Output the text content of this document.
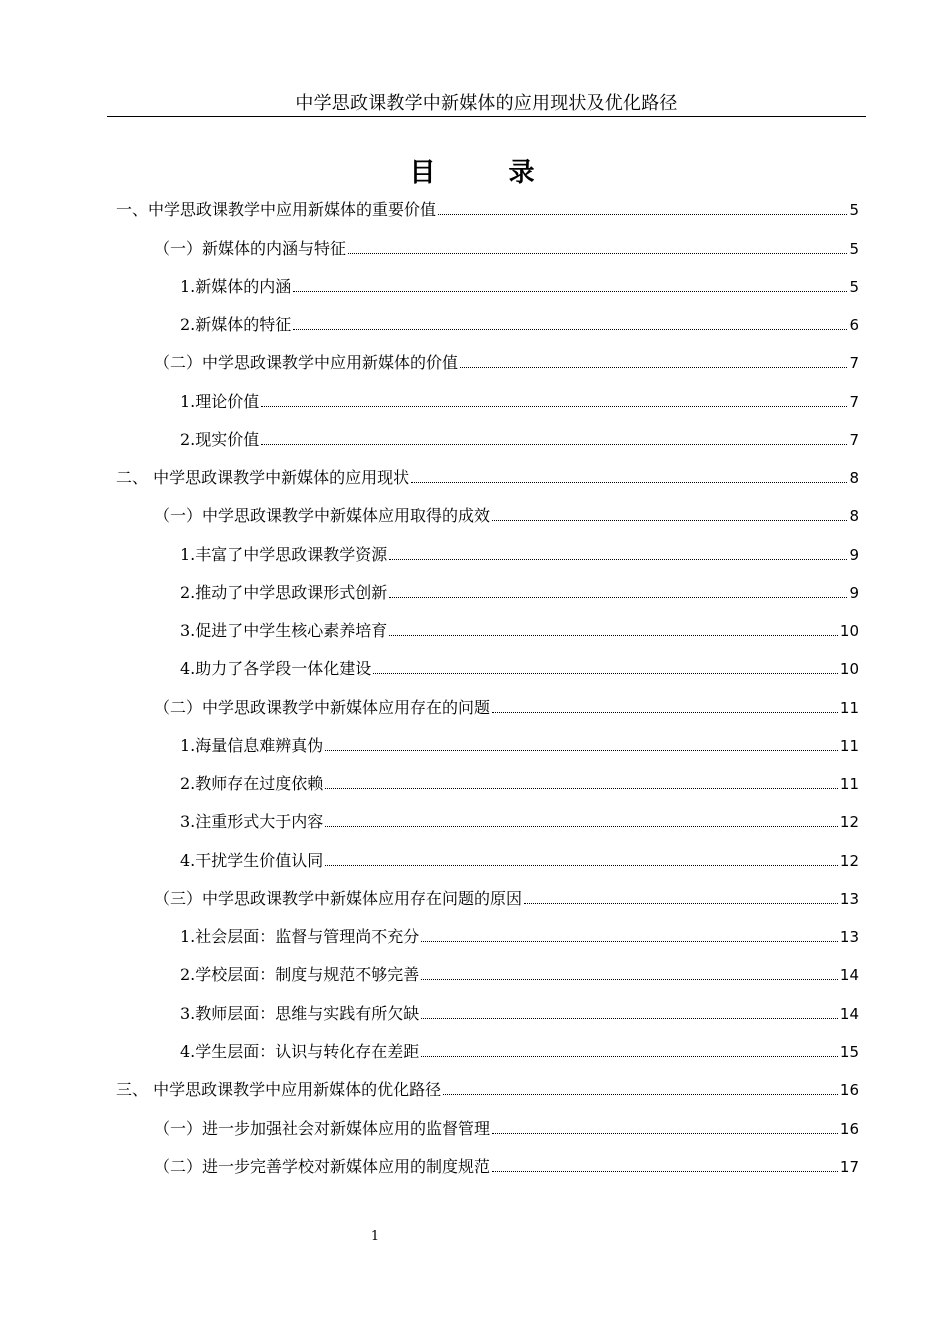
中学思政课教学中新媒体的应用现状及优化路径
目 录
一、中学思政课教学中应用新媒体的重要价值	5
（一）新媒体的内涵与特征	5
1.新媒体的内涵	5
2.新媒体的特征	6
（二）中学思政课教学中应用新媒体的价值	7
1.理论价值	7
2.现实价值	7
二、 中学思政课教学中新媒体的应用现状	8
（一）中学思政课教学中新媒体应用取得的成效	8
1.丰富了中学思政课教学资源	9
2.推动了中学思政课形式创新	9
3.促进了中学生核心素养培育	10
4.助力了各学段一体化建设	10
（二）中学思政课教学中新媒体应用存在的问题	11
1.海量信息难辨真伪	11
2.教师存在过度依赖	11
3.注重形式大于内容	12
4.干扰学生价值认同	12
（三）中学思政课教学中新媒体应用存在问题的原因	13
1.社会层面：监督与管理尚不充分	13
2.学校层面：制度与规范不够完善	14
3.教师层面：思维与实践有所欠缺	14
4.学生层面：认识与转化存在差距	15
三、 中学思政课教学中应用新媒体的优化路径	16
（一）进一步加强社会对新媒体应用的监督管理	16
（二）进一步完善学校对新媒体应用的制度规范	17
1
